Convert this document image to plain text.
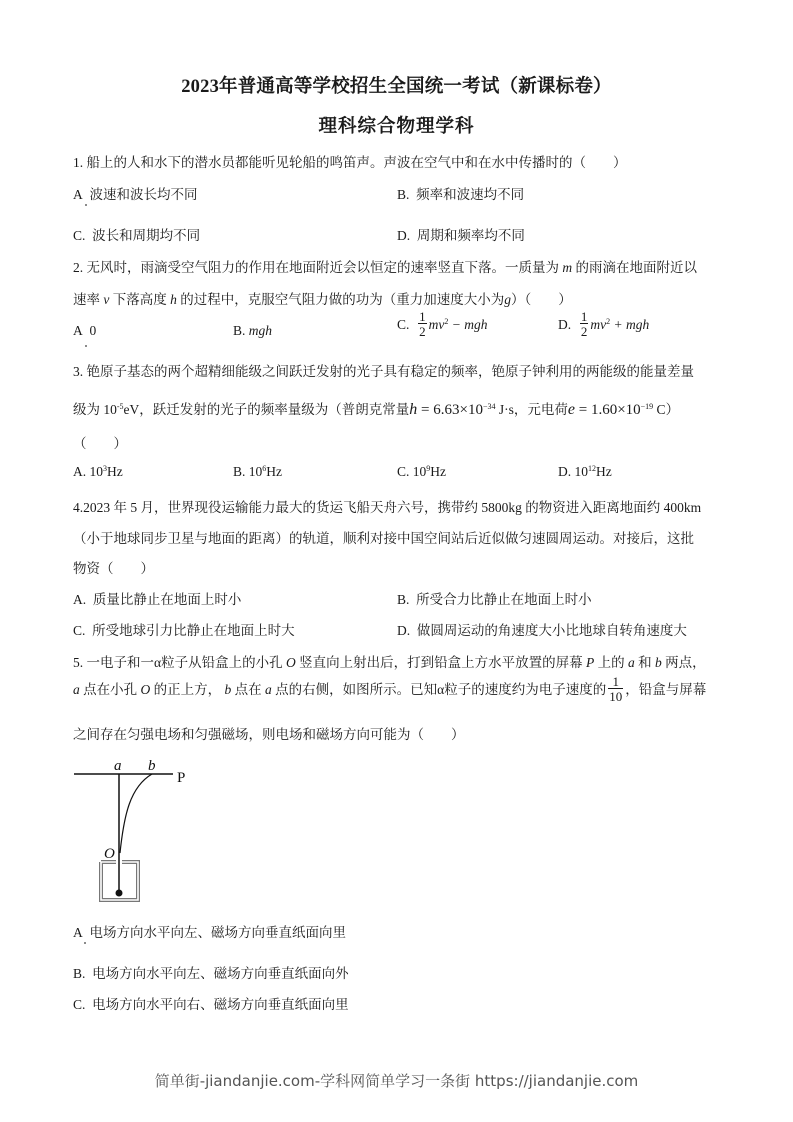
2023年普通高等学校招生全国统一考试（新课标卷）
理科综合物理学科
1. 船上的人和水下的潜水员都能听见轮船的鸣笛声。声波在空气中和在水中传播时的（　　）
A 波速和波长均不同	B. 频率和波速均不同
C. 波长和周期均不同	D. 周期和频率均不同
2. 无风时，雨滴受空气阻力的作用在地面附近会以恒定的速率竖直下落。一质量为 m 的雨滴在地面附近以
速率 v 下落高度 h 的过程中，克服空气阻力做的功为（重力加速度大小为g）（　　）
A 0	B. mgh	C. $\frac{1}{2} mv^2$ − mgh	D. $\frac{1}{2} mv^2$ + mgh
3. 铯原子基态的两个超精细能级之间跃迁发射的光子具有稳定的频率，铯原子钟利用的两能级的能量差量
级为 $10^{-5}eV$，跃迁发射的光子的频率量级为（普朗克常量$h = 6.63\times 10^{-34}$ J·s，元电荷$e = 1.60\times 10^{-19}$ C）
（　　）
A. $10^3Hz$	B. $10^6Hz$	C. $10^9Hz$	D. $10^{12}Hz$
4.2023 年 5 月，世界现役运输能力最大的货运飞船天舟六号，携带约 5800kg 的物资进入距离地面约 400km
（小于地球同步卫星与地面的距离）的轨道，顺利对接中国空间站后近似做匀速圆周运动。对接后，这批
物资（　　）
A. 质量比静止在地面上时小	B. 所受合力比静止在地面上时小
C. 所受地球引力比静止在地面上时大	D. 做圆周运动的角速度大小比地球自转角速度大
5. 一电子和一α粒子从铅盒上的小孔 O 竖直向上射出后，打到铅盒上方水平放置的屏幕 P 上的 a 和 b 两点，
a 点在小孔 O 的正上方， b 点在 a 点的右侧，如图所示。已知α粒子的速度约为电子速度的 $\frac{1}{10}$ ，铅盒与屏幕
之间存在匀强电场和匀强磁场，则电场和磁场方向可能为（　　）
a b
P
O
A 电场方向水平向左、磁场方向垂直纸面向里
B. 电场方向水平向左、磁场方向垂直纸面向外
C. 电场方向水平向右、磁场方向垂直纸面向里
简单街-jiandanjie.com-学科网简单学习一条街 https://jiandanjie.com
